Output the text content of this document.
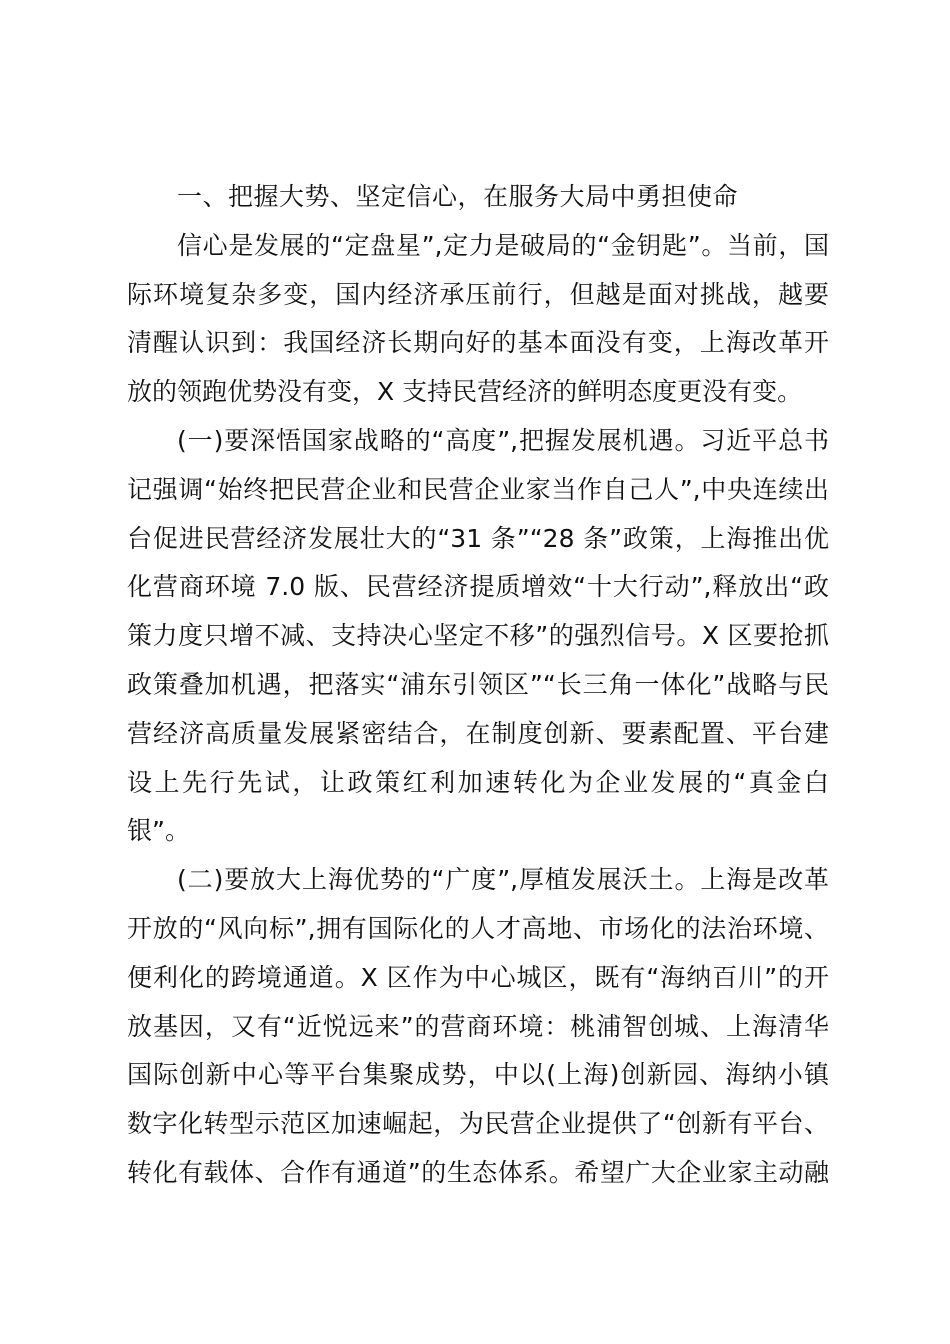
一、把握大势、坚定信心，在服务大局中勇担使命

信心是发展的“定盘星”,定力是破局的“金钥匙”。当前，国
际环境复杂多变，国内经济承压前行，但越是面对挑战，越要
清醒认识到：我国经济长期向好的基本面没有变，上海改革开
放的领跑优势没有变，X 支持民营经济的鲜明态度更没有变。

(一)要深悟国家战略的“高度”,把握发展机遇。习近平总书
记强调“始终把民营企业和民营企业家当作自己人”,中央连续出
台促进民营经济发展壮大的“31 条”“28 条”政策，上海推出优
化营商环境 7.0 版、民营经济提质增效“十大行动”,释放出“政
策力度只增不减、支持决心坚定不移”的强烈信号。X 区要抢抓
政策叠加机遇，把落实“浦东引领区”“长三角一体化”战略与民
营经济高质量发展紧密结合，在制度创新、要素配置、平台建
设上先行先试，让政策红利加速转化为企业发展的“真金白
银”。

(二)要放大上海优势的“广度”,厚植发展沃土。上海是改革
开放的“风向标”,拥有国际化的人才高地、市场化的法治环境、
便利化的跨境通道。X 区作为中心城区，既有“海纳百川”的开
放基因，又有“近悦远来”的营商环境：桃浦智创城、上海清华
国际创新中心等平台集聚成势，中以(上海)创新园、海纳小镇
数字化转型示范区加速崛起，为民营企业提供了“创新有平台、
转化有载体、合作有通道”的生态体系。希望广大企业家主动融
